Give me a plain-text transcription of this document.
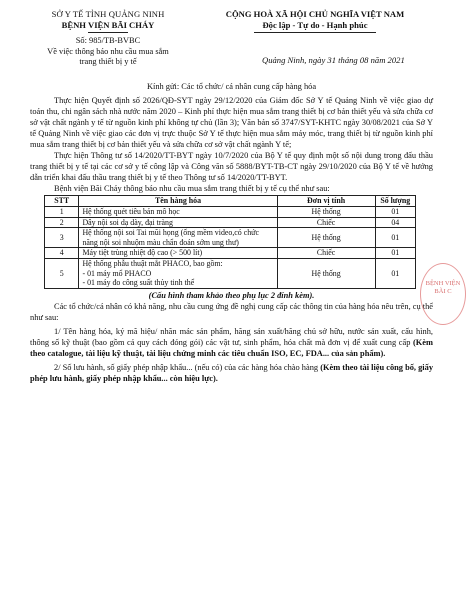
SỞ Y TẾ TỈNH QUẢNG NINH
BỆNH VIỆN BÃI CHÁY
Số: 985/TB-BVBC
Về việc thông báo nhu cầu mua sắm
trang thiết bị y tế
CỘNG HOÀ XÃ HỘI CHỦ NGHĨA VIỆT NAM
Độc lập - Tự do - Hạnh phúc
Quảng Ninh, ngày 31 tháng 08 năm 2021

Kính gửi: Các tổ chức/ cá nhân cung cấp hàng hóa

Thực hiện Quyết định số 2026/QĐ-SYT ngày 29/12/2020 của Giám đốc Sở Y tế Quảng Ninh về việc giao dự toán thu, chi ngân sách nhà nước năm 2020 – Kinh phí thực hiện mua sắm trang thiết bị cơ bản thiết yếu và sửa chữa cơ sở vật chất ngành y tế từ nguồn kinh phí không tự chủ (lần 3); Văn bản số 3747/SYT-KHTC ngày 30/08/2021 của Sở Y tế Quảng Ninh về việc giao các đơn vị trực thuộc Sở Y tế thực hiện mua sắm máy móc, trang thiết bị từ nguồn kinh phí mua sắm trang thiết bị cơ bản thiết yếu và sửa chữa cơ sở vật chất ngành Y tế;

Thực hiện Thông tư số 14/2020/TT-BYT ngày 10/7/2020 của Bộ Y tế quy định một số nội dung trong đấu thầu trang thiết bị y tế tại các cơ sở y tế công lập và Công văn số 5888/BYT-TB-CT ngày 29/10/2020 của Bộ Y tế về hướng dẫn triển khai đấu thầu trang thiết bị y tế theo Thông tư số 14/2020/TT-BYT.

Bệnh viện Bãi Cháy thông báo nhu cầu mua sắm trang thiết bị y tế cụ thể như sau:

STT	Tên hàng hóa	Đơn vị tính	Số lượng
1	Hệ thống quét tiêu bản mô học	Hệ thống	01
2	Dây nội soi dạ dày, đại tràng	Chiếc	04
3	Hệ thống nội soi Tai mũi họng (ống mềm video,có chức năng nội soi nhuộm màu chẩn đoán sớm ung thư)	Hệ thống	01
4	Máy tiệt trùng nhiệt độ cao (> 500 lít)	Chiếc	01
5	Hệ thống phẫu thuật mắt PHACO, bao gồm:
- 01 máy mổ PHACO
- 01 máy đo công suất thủy tinh thể	Hệ thống	01

(Cấu hình tham khảo theo phụ lục 2 đính kèm).

Các tổ chức/cá nhân có khả năng, nhu cầu cung ứng đề nghị cung cấp các thông tin của hàng hóa nêu trên, cụ thể như sau:

1/ Tên hàng hóa, ký mã hiệu/ nhãn mác sản phẩm, hãng sản xuất/hãng chủ sở hữu, nước sản xuất, cấu hình, thông số kỹ thuật (bao gồm cả quy cách đóng gói) các vật tư, sinh phẩm, hóa chất mà đơn vị để xuất cung cấp (Kèm theo catalogue, tài liệu kỹ thuật, tài liệu chứng minh các tiêu chuẩn ISO, EC, FDA... của sản phẩm).

2/ Số lưu hành, số giấy phép nhập khẩu... (nếu có) của các hàng hóa chào hàng (Kèm theo tài liệu công bố, giấy phép lưu hành, giấy phép nhập khẩu... còn hiệu lực).

BỆNH VIỆN BÃI C
